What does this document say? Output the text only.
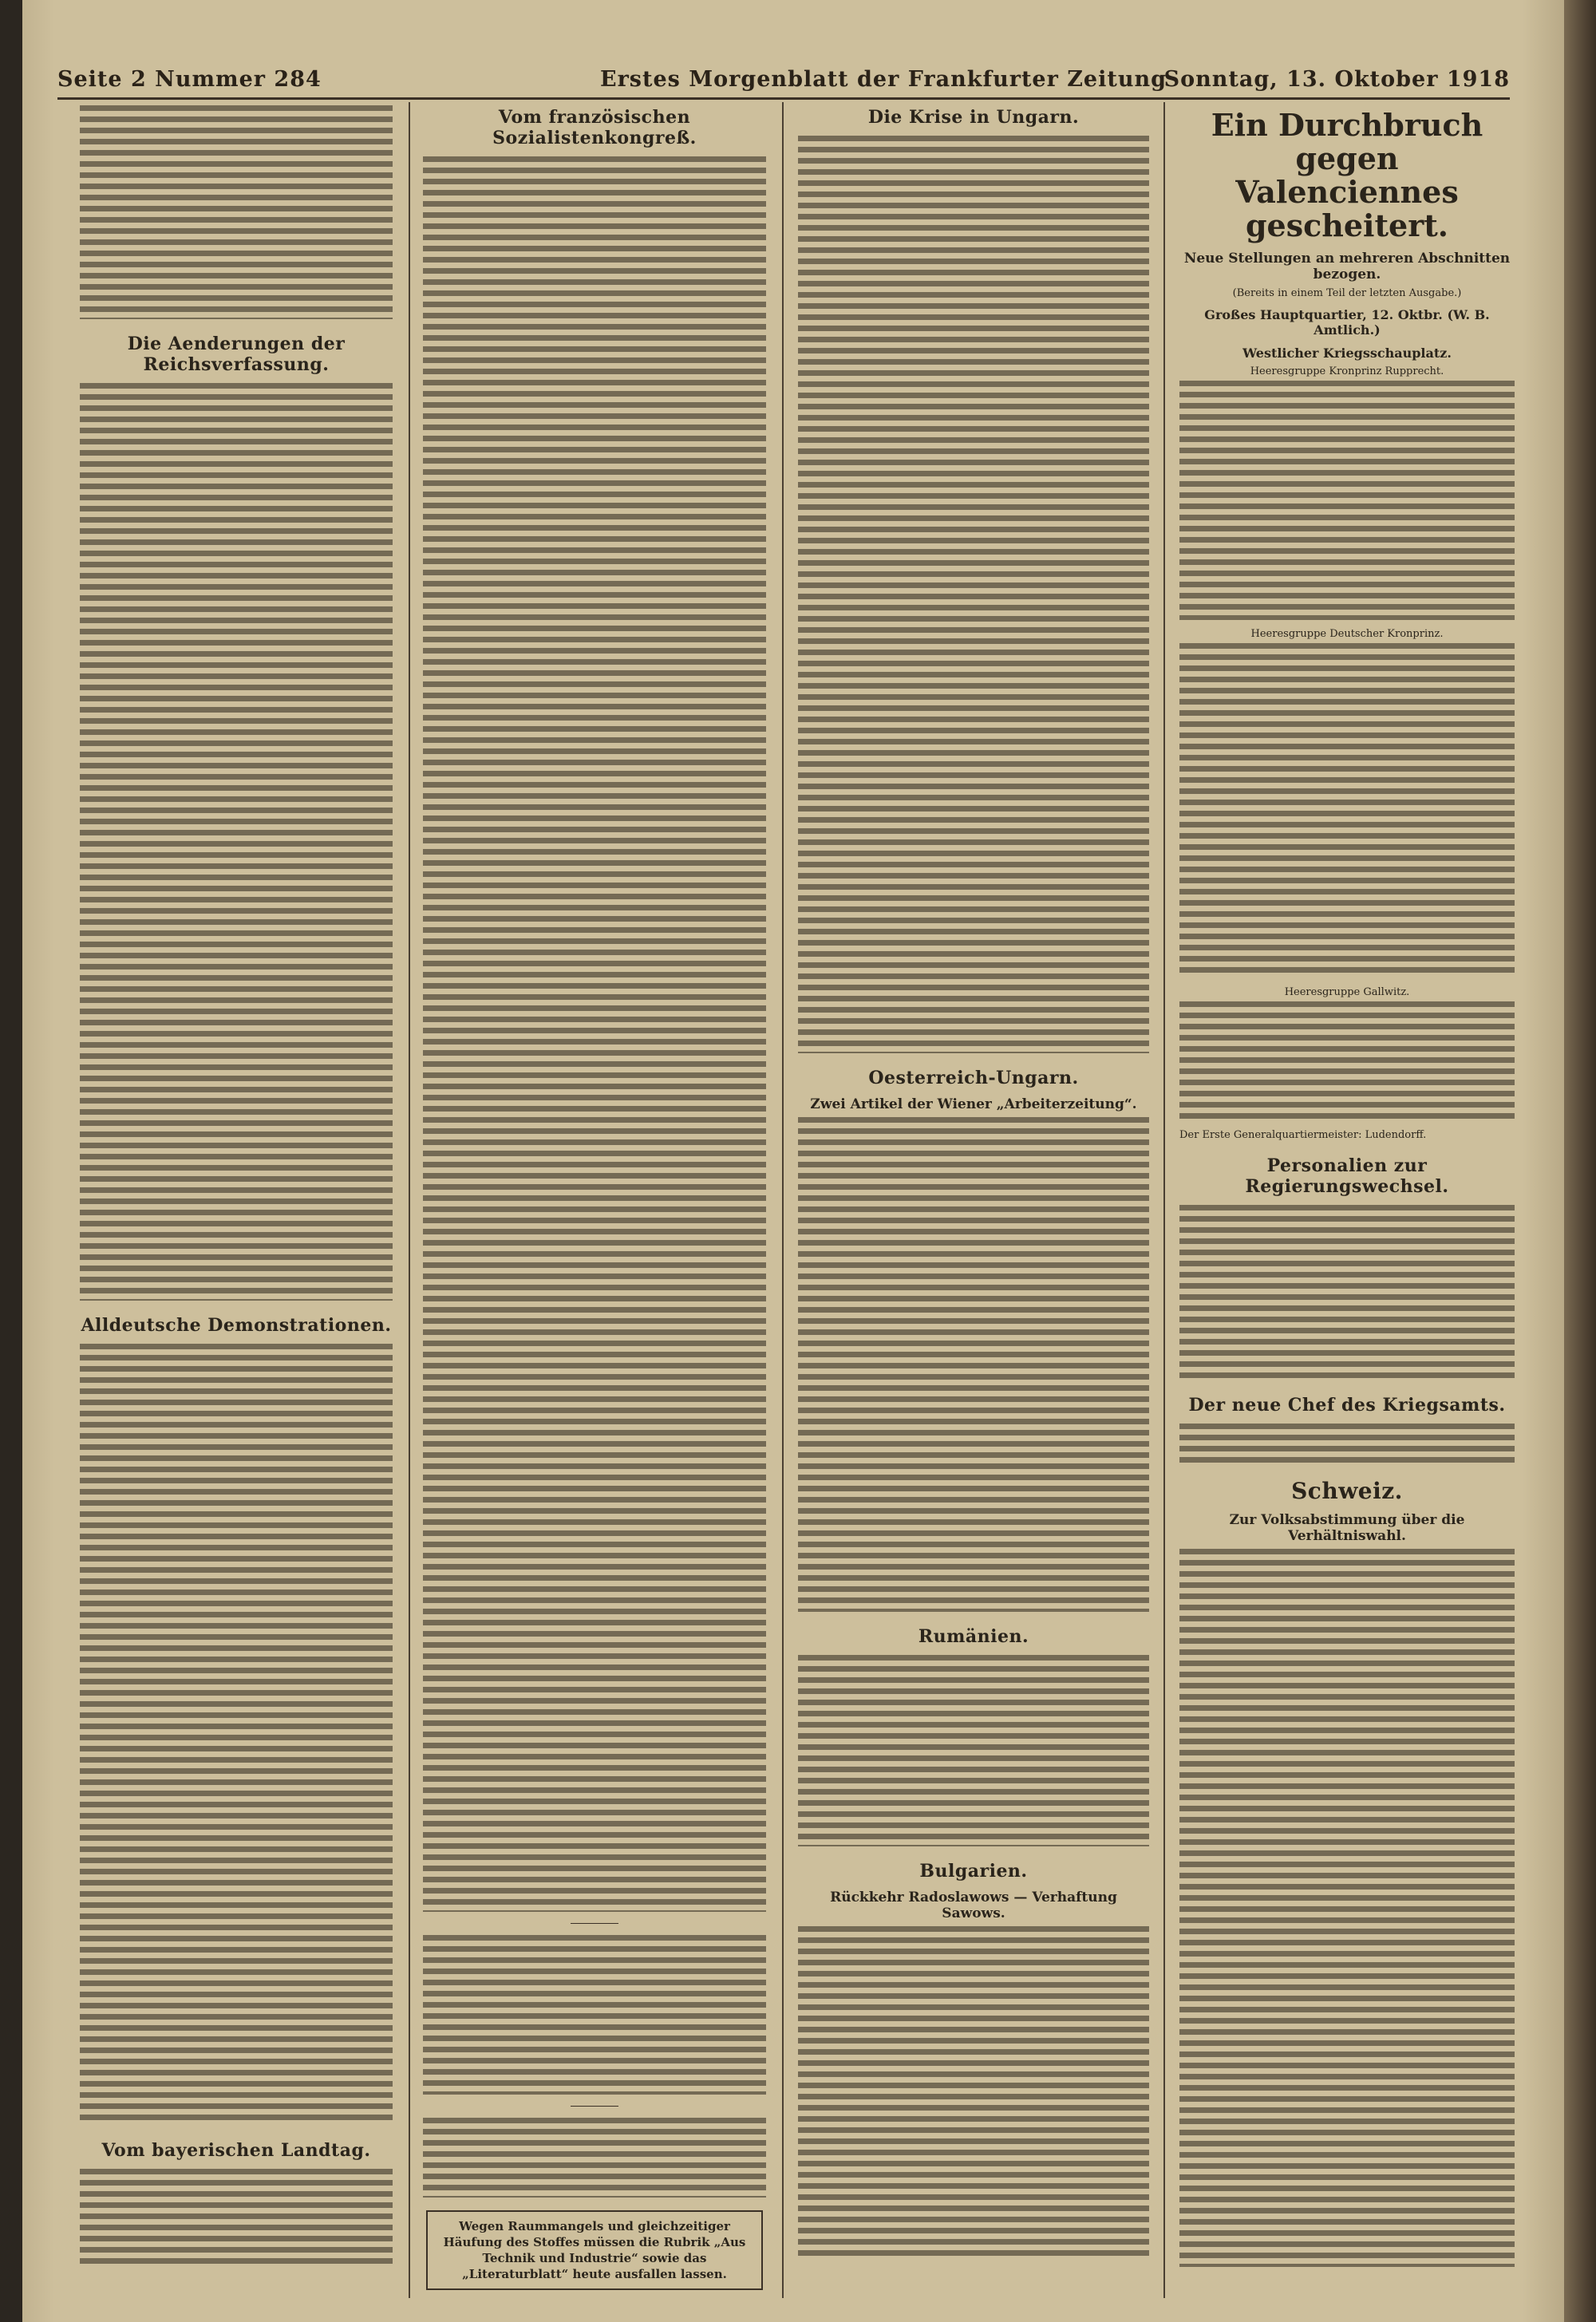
Seite 2 Nummer 284	Erstes Morgenblatt der Frankfurter Zeitung
Sonntag, 13. Oktober 1918
Die Aenderungen der Reichsverfassung.
Alldeutsche Demonstrationen.
Vom bayerischen Landtag.
Vom französischen Sozialistenkongreß.
Wegen Raummangels und gleichzeitiger Häufung des Stoffes müssen die Rubrik „Aus Technik und Industrie“ sowie das „Literaturblatt“ heute ausfallen lassen.
Die Krise in Ungarn.
Oesterreich-Ungarn.
Zwei Artikel der Wiener „Arbeiterzeitung“.
Rumänien.
Bulgarien.
Rückkehr Radoslawows — Verhaftung Sawows.
Ein Durchbruch gegen Valenciennes gescheitert.
Neue Stellungen an mehreren Abschnitten bezogen.
(Bereits in einem Teil der letzten Ausgabe.)
Großes Hauptquartier, 12. Oktbr. (W. B. Amtlich.)
Westlicher Kriegsschauplatz.
Heeresgruppe Kronprinz Rupprecht.
Heeresgruppe Deutscher Kronprinz.
Heeresgruppe Gallwitz.
Der Erste Generalquartiermeister: Ludendorff.
Personalien zur Regierungswechsel.
Der neue Chef des Kriegsamts.
Schweiz.
Zur Volksabstimmung über die Verhältniswahl.
